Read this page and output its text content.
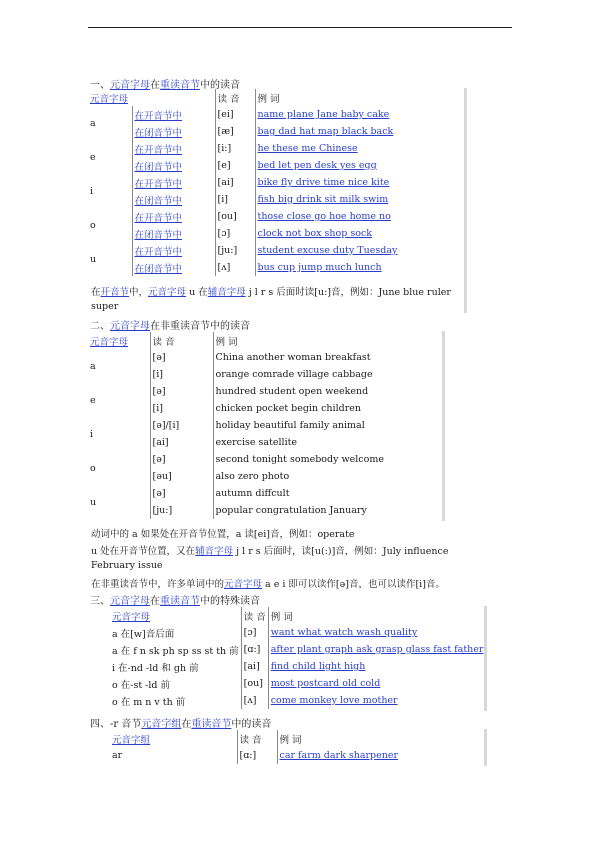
一、元音字母在重读音节中的读音
元音字母		读 音	例 词
a	在开音节中	[ei]	name plane Jane baby cake
	在闭音节中	[æ]	bag dad hat map black back
e	在开音节中	[i:]	he these me Chinese
	在闭音节中	[e]	bed let pen desk yes egg
i	在开音节中	[ai]	bike fly drive time nice kite
	在闭音节中	[i]	fish big drink sit milk swim
o	在开音节中	[ou]	those close go hoe home no
	在闭音节中	[ɔ]	clock not box shop sock
u	在开音节中	[ju:]	student excuse duty Tuesday
	在闭音节中	[ʌ]	bus cup jump much lunch
在开音节中，元音字母 u 在辅音字母 j l r s 后面时读[u:]音，例如：June blue ruler
super
二、元音字母在非重读音节中的读音
元音字母	读 音	例 词
a	[ə]	China another woman breakfast
	[i]	orange comrade village cabbage
e	[ə]	hundred student open weekend
	[i]	chicken pocket begin children
i	[ə]/[i]	holiday beautiful family animal
	[ai]	exercise satellite
o	[ə]	second tonight somebody welcome
	[əu]	also zero photo
u	[ə]	autumn diffcult
	[ju:]	popular congratulation January
动词中的 a 如果处在开音节位置，a 读[ei]音，例如：operate
u 处在开音节位置，又在辅音字母 j l r s 后面时，读[u(:)]音，例如：July influence
February issue
在非重读音节中，许多单词中的元音字母 a e i 即可以读作[ə]音，也可以读作[i]音。
三、元音字母在重读音节中的特殊读音
元音字母	读 音	例 词
a 在[w]音后面	[ɔ]	want what watch wash quality
a 在 f n sk ph sp ss st th 前	[ɑ:]	after plant graph ask grasp glass fast father
i 在-nd -ld 和 gh 前	[ai]	find child light high
o 在-st -ld 前	[ou]	most postcard old cold
o 在 m n v th 前	[ʌ]	come monkey love mother
四、-r 音节元音字组在重读音节中的读音
元音字组	读 音	例 词
ar	[ɑ:]	car farm dark sharpener
